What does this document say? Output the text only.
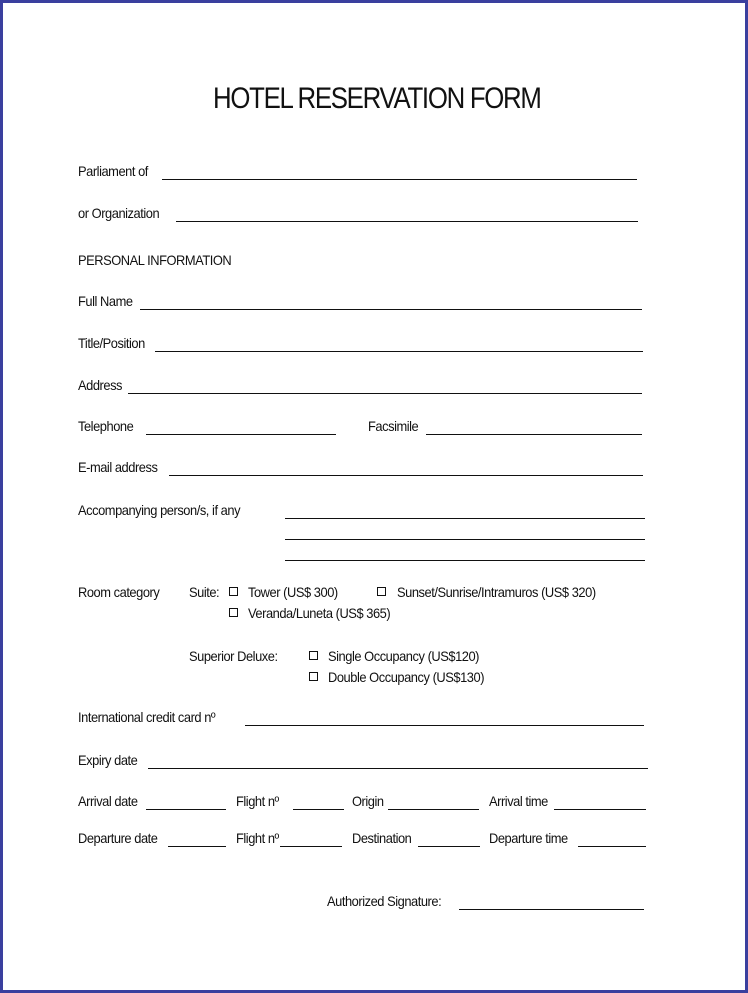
HOTEL RESERVATION FORM
Parliament of
or Organization
PERSONAL INFORMATION
Full Name
Title/Position
Address
Telephone	Facsimile
E-mail address
Accompanying person/s, if any
Room category Suite: Tower (US$ 300)	Sunset/Sunrise/Intramuros (US$ 320)
Veranda/Luneta (US$ 365)
Superior Deluxe:	Single Occupancy (US$120)
Double Occupancy (US$130)
International credit card nº
Expiry date
Arrival date	Flight nº	Origin	Arrival time
Departure date	Flight nº	Destination	Departure time
Authorized Signature:
